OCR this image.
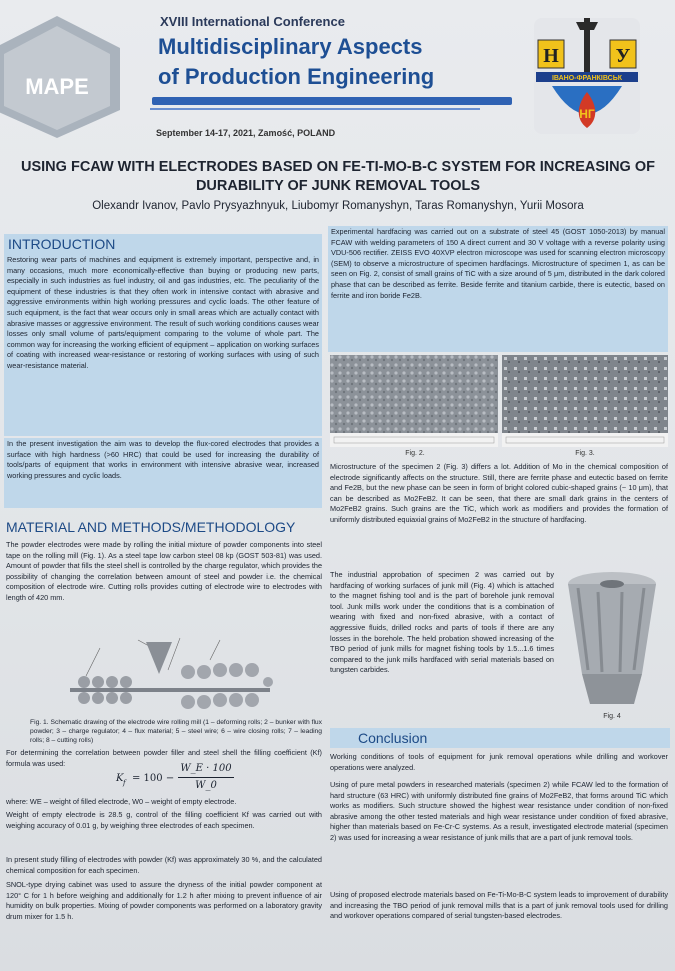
MAPE
XVIII International Conference
Multidisciplinary Aspects
of Production Engineering
September 14-17, 2021, Zamość, POLAND
Н	У
ІВАНО-ФРАНКІВСЬК
НГ
USING FCAW WITH ELECTRODES BASED ON FE-TI-MO-B-C SYSTEM FOR INCREASING OF DURABILITY OF JUNK REMOVAL TOOLS
Olexandr Ivanov, Pavlo Prysyazhnyuk, Liubomyr Romanyshyn, Taras Romanyshyn, Yurii Mosora
INTRODUCTION
Restoring wear parts of machines and equipment is extremely important, perspective and, in many occasions, much more economically-effective than buying or producing new parts, especially in such industries as fuel industry, oil and gas industries, etc. The peculiarity of the equipment of these industries is that they often work in intensive contact with abrasive and aggressive environments within high working pressures and cyclic loads. The other feature of such equipment, is the fact that wear occurs only in small areas which are actually contact with abrasive masses or aggressive environment. The result of such working conditions causes wear losses only small volume of parts/equipment comparing to the volume of whole part. The common way for increasing the working efficient of equipment – application on working surfaces of coating with increased wear-resistance or restoring of working surfaces with using of such wear-resistance material.
In the present investigation the aim was to develop the flux-cored electrodes that provides a surface with high hardness (>60 HRC) that could be used for increasing the durability of tools/parts of equipment that works in environment with intensive abrasive wear, increased working pressures and cyclic loads.
MATERIAL AND METHODS/METHODOLOGY
The powder electrodes were made by rolling the initial mixture of powder components into steel tape on the rolling mill (Fig. 1). As a steel tape low carbon steel 08 kp (GOST 503-81) was used. Amount of powder that fills the steel shell is controlled by the charge regulator, which provides the possibility of changing the correlation between amount of steel and powder i.e. the chemical composition of electrode wire. Cutting rolls provides cutting of electrode wire to electrodes with length of 420 mm.
Fig. 1. Schematic drawing of the electrode wire rolling mill (1 – deforming rolls; 2 – bunker with flux powder; 3 – charge regulator; 4 – flux material; 5 – steel wire; 6 – wire closing rolls; 7 – leading rolls; 8 – cutting rolls)
For determining the correlation between powder filler and steel shell the filling coefficient (Kf) formula was used:
K f = 100 −
W_E · 100
W_0
where: WE – weight of filled electrode, W0 – weight of empty electrode.
Weight of empty electrode is 28.5 g, control of the filling coefficient Kf was carried out with weighing accuracy of 0.01 g, by weighing three electrodes of each specimen.
In present study filling of electrodes with powder (Kf) was approximately 30 %, and the calculated chemical composition for each specimen.
SNOL-type drying cabinet was used to assure the dryness of the initial powder component at 120° C for 1 h before weighing and additionally for 1.2 h after mixing to prevent influence of air humidity on bulk properties. Mixing of powder components was performed on a laboratory gravity drum mixer for 1.5 h.
Experimental hardfacing was carried out on a substrate of steel 45 (GOST 1050-2013) by manual FCAW with welding parameters of 150 A direct current and 30 V voltage with a reverse polarity using VDU-506 rectifier. ZEISS EVO 40XVP electron microscope was used for scanning electron microscopy (SEM) to observe a microstructure of specimen hardfacings. Microstructure of specimen 1, as can be seen on Fig. 2, consist of small grains of TiC with a size around of 5 μm, distributed in the dark colored phase that can be described as ferrite. Beside ferrite and titanium carbide, there is eutectic, based on ferrite and iron boride Fe2B.
Fig. 2.	Fig. 3.
Microstructure of the specimen 2 (Fig. 3) differs a lot. Addition of Mo in the chemical composition of electrode significantly affects on the structure. Still, there are ferrite phase and eutectic based on ferrite and Fe2B, but the new phase can be seen in form of bright colored cubic-shaped grains (~ 10 μm), that can be described as Mo2FeB2. It can be seen, that there are small dark grains in the centers of Mo2FeB2 grains. Such grains are the TiC, which work as modifiers and provides the formation of uniformly distributed equiaxial grains of Mo2FeB2 in the structure of hardfacing.
The industrial approbation of specimen 2 was carried out by hardfacing of working surfaces of junk mill (Fig. 4) which is attached to the magnet fishing tool and is the part of borehole junk removal tool. Junk mills work under the conditions that is a combination of wearing with fixed and non-fixed abrasive, with a contact of aggressive fluids, drilled rocks and parts of tools if there are any losses in the borehole. The held probation showed increasing of the TBO period of junk mills for magnet fishing tools by 1.5...1.6 times compared to the junk mills hardfaced with serial materials based on tungsten carbides.
Fig. 4
Conclusion
Working conditions of tools of equipment for junk removal operations while drilling and workover operations were analyzed.
Using of pure metal powders in researched materials (specimen 2) while FCAW led to the formation of hard structure (63 HRC) with uniformly distributed fine grains of Mo2FeB2, that forms around TiC which works as modifiers. Such structure showed the highest wear resistance under condition of non-fixed abrasive among the other tested materials and high wear resistance under condition of fixed abrasive, higher than materials based on Fe-Cr-C systems. As a result, investigated electrode material (specimen 2) was used for increasing a wear resistance of junk mills that are a part of junk removal tools.
Using of proposed electrode materials based on Fe-Ti-Mo-B-C system leads to improvement of durability and increasing the TBO period of junk removal mills that is a part of junk removal tools used for drilling and workover operations compared of serial tungsten-based electrodes.
